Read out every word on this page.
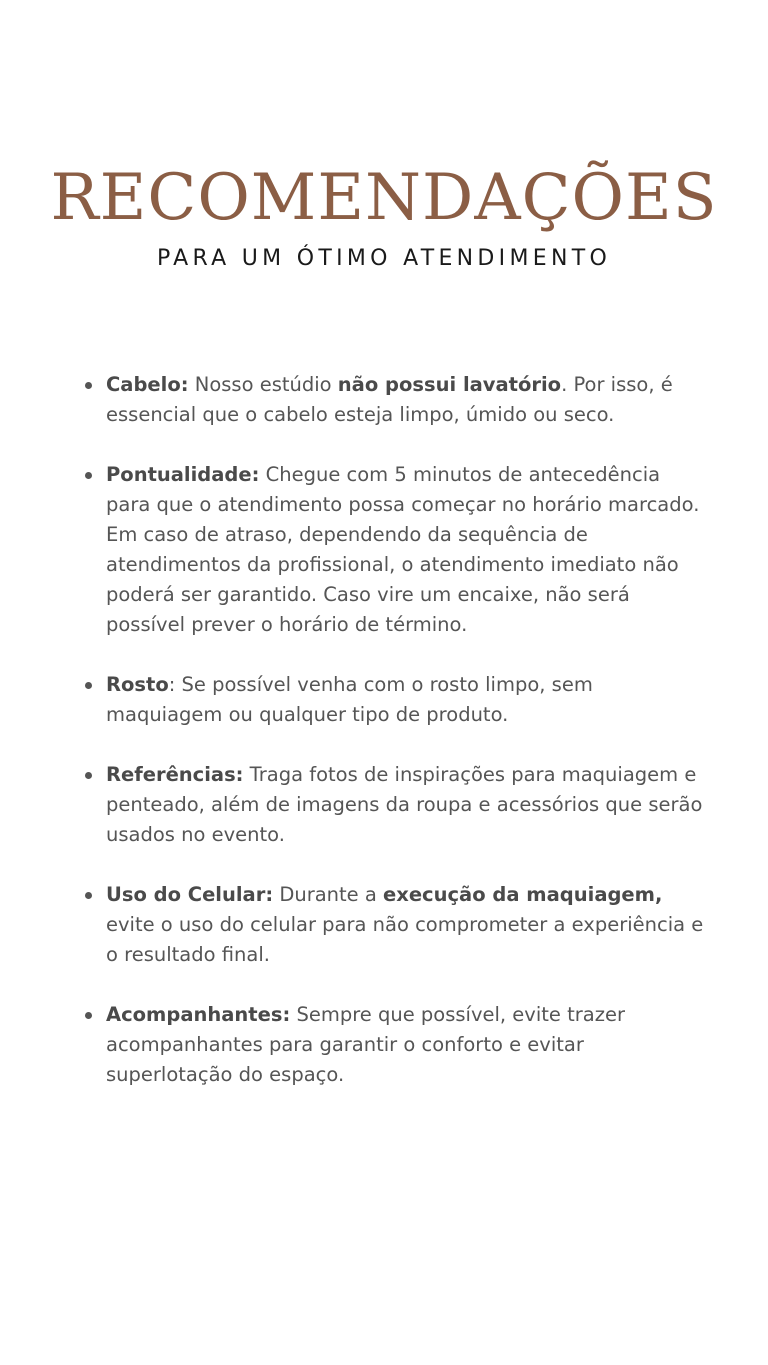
RECOMENDAÇÕES

PARA UM ÓTIMO ATENDIMENTO

Cabelo: Nosso estúdio não possui lavatório. Por isso, é essencial que o cabelo esteja limpo, úmido ou seco.
Pontualidade: Chegue com 5 minutos de antecedência para que o atendimento possa começar no horário marcado. Em caso de atraso, dependendo da sequência de atendimentos da profissional, o atendimento imediato não poderá ser garantido. Caso vire um encaixe, não será possível prever o horário de término.
Rosto: Se possível venha com o rosto limpo, sem maquiagem ou qualquer tipo de produto.
Referências: Traga fotos de inspirações para maquiagem e penteado, além de imagens da roupa e acessórios que serão usados no evento.
Uso do Celular: Durante a execução da maquiagem, evite o uso do celular para não comprometer a experiência e o resultado final.
Acompanhantes: Sempre que possível, evite trazer acompanhantes para garantir o conforto e evitar superlotação do espaço.
